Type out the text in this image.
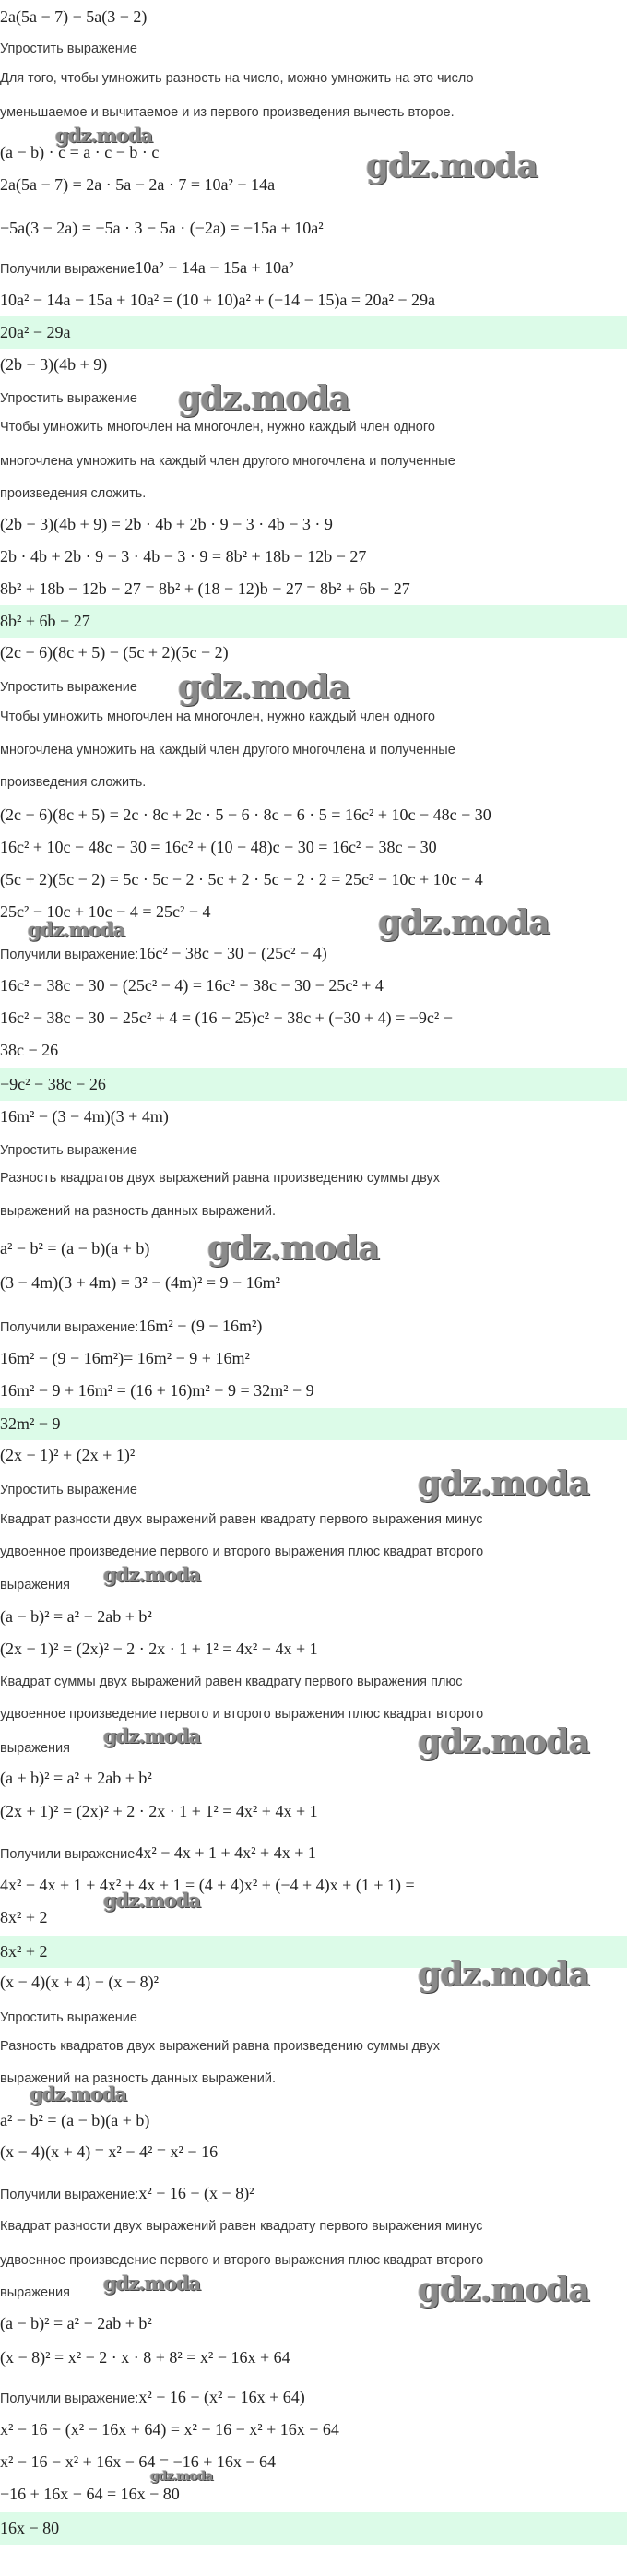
2a(5a − 7) − 5a(3 − 2)
Упростить выражение
Для того, чтобы умножить разность на число, можно умножить на это число
уменьшаемое и вычитаемое и из первого произведения вычесть второе.
(a − b) · c = a · c − b · c
2a(5a − 7) = 2a · 5a − 2a · 7 = 10a² − 14a
−5a(3 − 2a) = −5a · 3 − 5a · (−2a) = −15a + 10a²
Получили выражение10a² − 14a − 15a + 10a²
10a² − 14a − 15a + 10a² = (10 + 10)a² + (−14 − 15)a = 20a² − 29a
20a² − 29a
(2b − 3)(4b + 9)
Упростить выражение
Чтобы умножить многочлен на многочлен, нужно каждый член одного
многочлена умножить на каждый член другого многочлена и полученные
произведения сложить.
(2b − 3)(4b + 9) = 2b · 4b + 2b · 9 − 3 · 4b − 3 · 9
2b · 4b + 2b · 9 − 3 · 4b − 3 · 9 = 8b² + 18b − 12b − 27
8b² + 18b − 12b − 27 = 8b² + (18 − 12)b − 27 = 8b² + 6b − 27
8b² + 6b − 27
(2c − 6)(8c + 5) − (5c + 2)(5c − 2)
Упростить выражение
Чтобы умножить многочлен на многочлен, нужно каждый член одного
многочлена умножить на каждый член другого многочлена и полученные
произведения сложить.
(2c − 6)(8c + 5) = 2c · 8c + 2c · 5 − 6 · 8c − 6 · 5 = 16c² + 10c − 48c − 30
16c² + 10c − 48c − 30 = 16c² + (10 − 48)c − 30 = 16c² − 38c − 30
(5c + 2)(5c − 2) = 5c · 5c − 2 · 5c + 2 · 5c − 2 · 2 = 25c² − 10c + 10c − 4
25c² − 10c + 10c − 4 = 25c² − 4
Получили выражение:16c² − 38c − 30 − (25c² − 4)
16c² − 38c − 30 − (25c² − 4) = 16c² − 38c − 30 − 25c² + 4
16c² − 38c − 30 − 25c² + 4 = (16 − 25)c² − 38c + (−30 + 4) = −9c² −
38c − 26
−9c² − 38c − 26
16m² − (3 − 4m)(3 + 4m)
Упростить выражение
Разность квадратов двух выражений равна произведению суммы двух
выражений на разность данных выражений.
a² − b² = (a − b)(a + b)
(3 − 4m)(3 + 4m) = 3² − (4m)² = 9 − 16m²
Получили выражение:16m² − (9 − 16m²)
16m² − (9 − 16m²)= 16m² − 9 + 16m²
16m² − 9 + 16m² = (16 + 16)m² − 9 = 32m² − 9
32m² − 9
(2x − 1)² + (2x + 1)²
Упростить выражение
Квадрат разности двух выражений равен квадрату первого выражения минус
удвоенное произведение первого и второго выражения плюс квадрат второго
выражения
(a − b)² = a² − 2ab + b²
(2x − 1)² = (2x)² − 2 · 2x · 1 + 1² = 4x² − 4x + 1
Квадрат суммы двух выражений равен квадрату первого выражения плюс
удвоенное произведение первого и второго выражения плюс квадрат второго
выражения
(a + b)² = a² + 2ab + b²
(2x + 1)² = (2x)² + 2 · 2x · 1 + 1² = 4x² + 4x + 1
Получили выражение4x² − 4x + 1 + 4x² + 4x + 1
4x² − 4x + 1 + 4x² + 4x + 1 = (4 + 4)x² + (−4 + 4)x + (1 + 1) =
8x² + 2
8x² + 2
(x − 4)(x + 4) − (x − 8)²
Упростить выражение
Разность квадратов двух выражений равна произведению суммы двух
выражений на разность данных выражений.
a² − b² = (a − b)(a + b)
(x − 4)(x + 4) = x² − 4² = x² − 16
Получили выражение:x² − 16 − (x − 8)²
Квадрат разности двух выражений равен квадрату первого выражения минус
удвоенное произведение первого и второго выражения плюс квадрат второго
выражения
(a − b)² = a² − 2ab + b²
(x − 8)² = x² − 2 · x · 8 + 8² = x² − 16x + 64
Получили выражение:x² − 16 − (x² − 16x + 64)
x² − 16 − (x² − 16x + 64) = x² − 16 − x² + 16x − 64
x² − 16 − x² + 16x − 64 = −16 + 16x − 64
−16 + 16x − 64 = 16x − 80
16x − 80
gdz.moda
gdz.moda
gdz.moda
gdz.moda
gdz.moda
gdz.moda
gdz.moda
gdz.moda
gdz.moda
gdz.moda
gdz.moda
gdz.moda
gdz.moda
gdz.moda
gdz.moda
gdz.moda
gdz.moda
